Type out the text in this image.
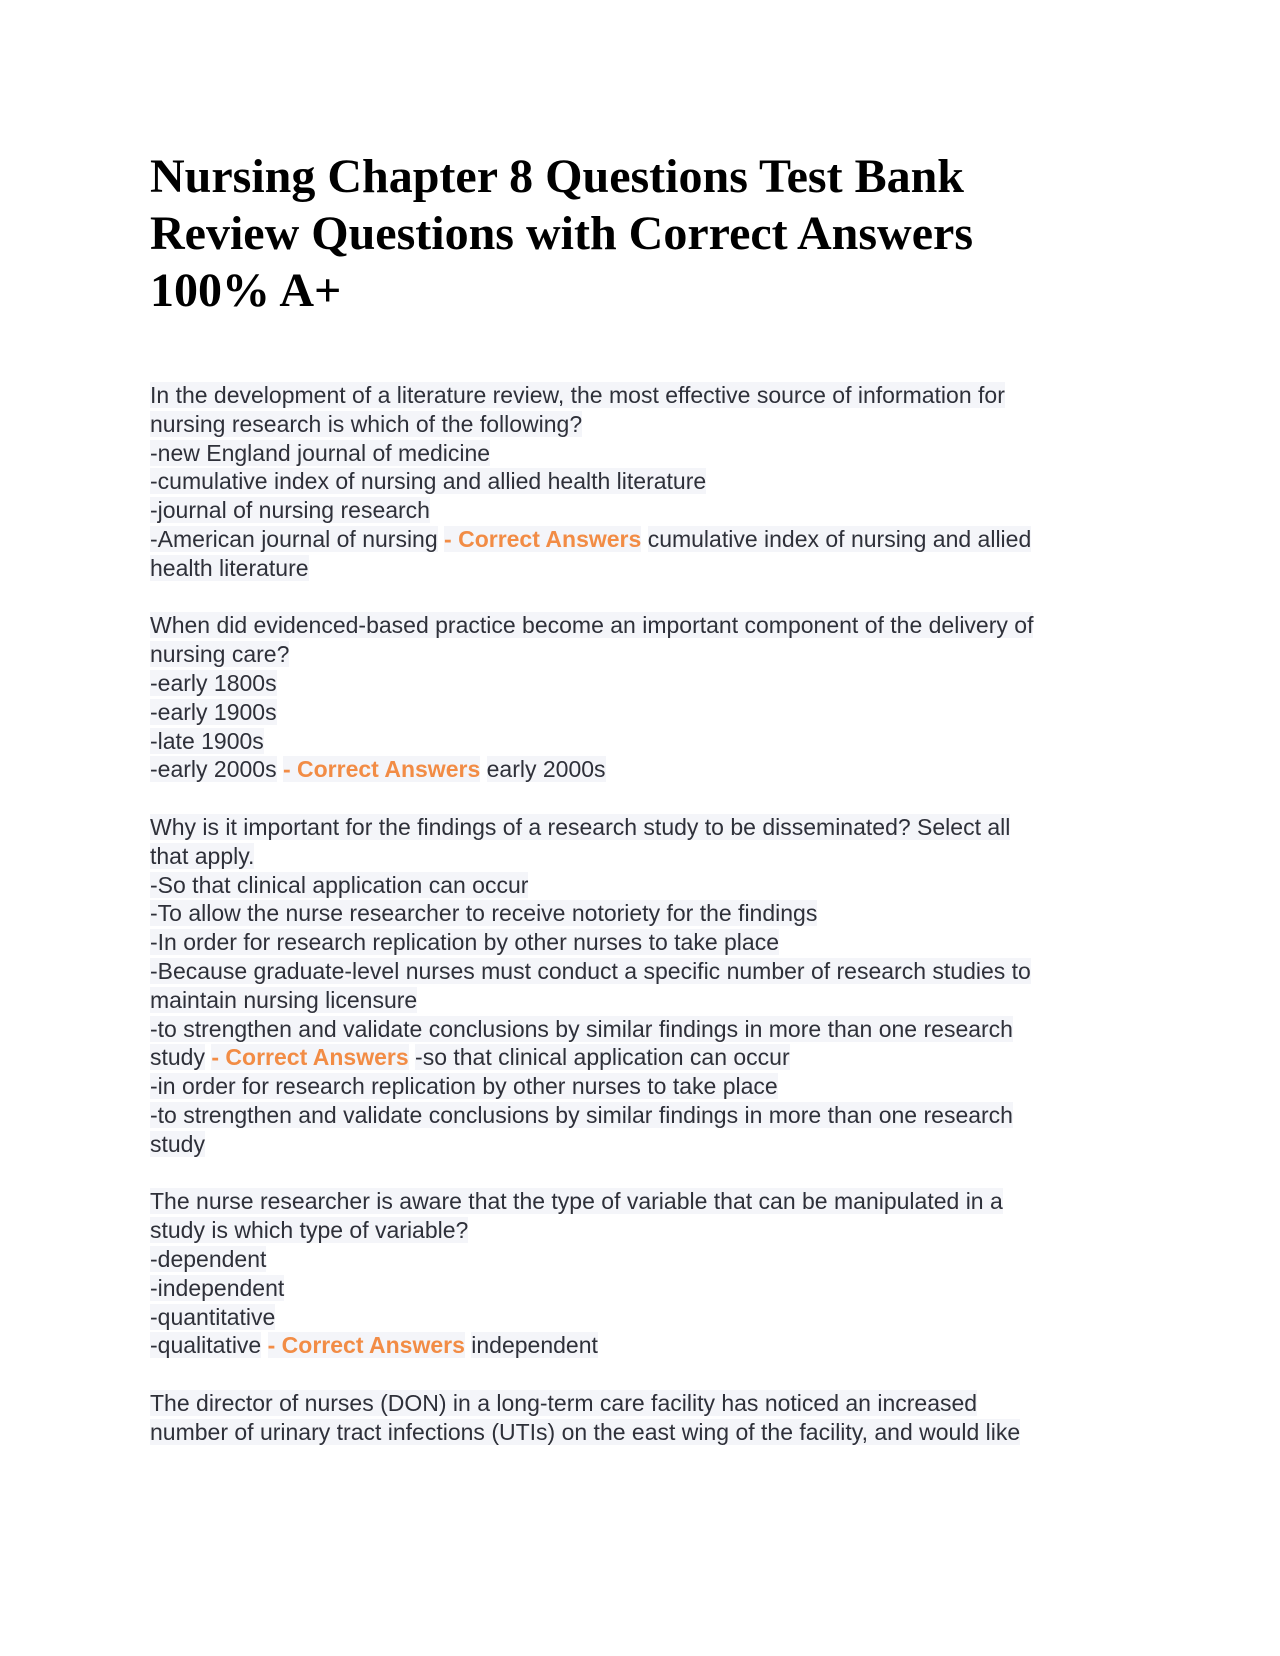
Nursing Chapter 8 Questions Test Bank
Review Questions with Correct Answers
100% A+
In the development of a literature review, the most effective source of information for
nursing research is which of the following?
-new England journal of medicine
-cumulative index of nursing and allied health literature
-journal of nursing research
-American journal of nursing - Correct Answers cumulative index of nursing and allied
health literature
When did evidenced-based practice become an important component of the delivery of
nursing care?
-early 1800s
-early 1900s
-late 1900s
-early 2000s - Correct Answers early 2000s
Why is it important for the findings of a research study to be disseminated? Select all
that apply.
-So that clinical application can occur
-To allow the nurse researcher to receive notoriety for the findings
-In order for research replication by other nurses to take place
-Because graduate-level nurses must conduct a specific number of research studies to
maintain nursing licensure
-to strengthen and validate conclusions by similar findings in more than one research
study - Correct Answers -so that clinical application can occur
-in order for research replication by other nurses to take place
-to strengthen and validate conclusions by similar findings in more than one research
study
The nurse researcher is aware that the type of variable that can be manipulated in a
study is which type of variable?
-dependent
-independent
-quantitative
-qualitative - Correct Answers independent
The director of nurses (DON) in a long-term care facility has noticed an increased
number of urinary tract infections (UTIs) on the east wing of the facility, and would like
